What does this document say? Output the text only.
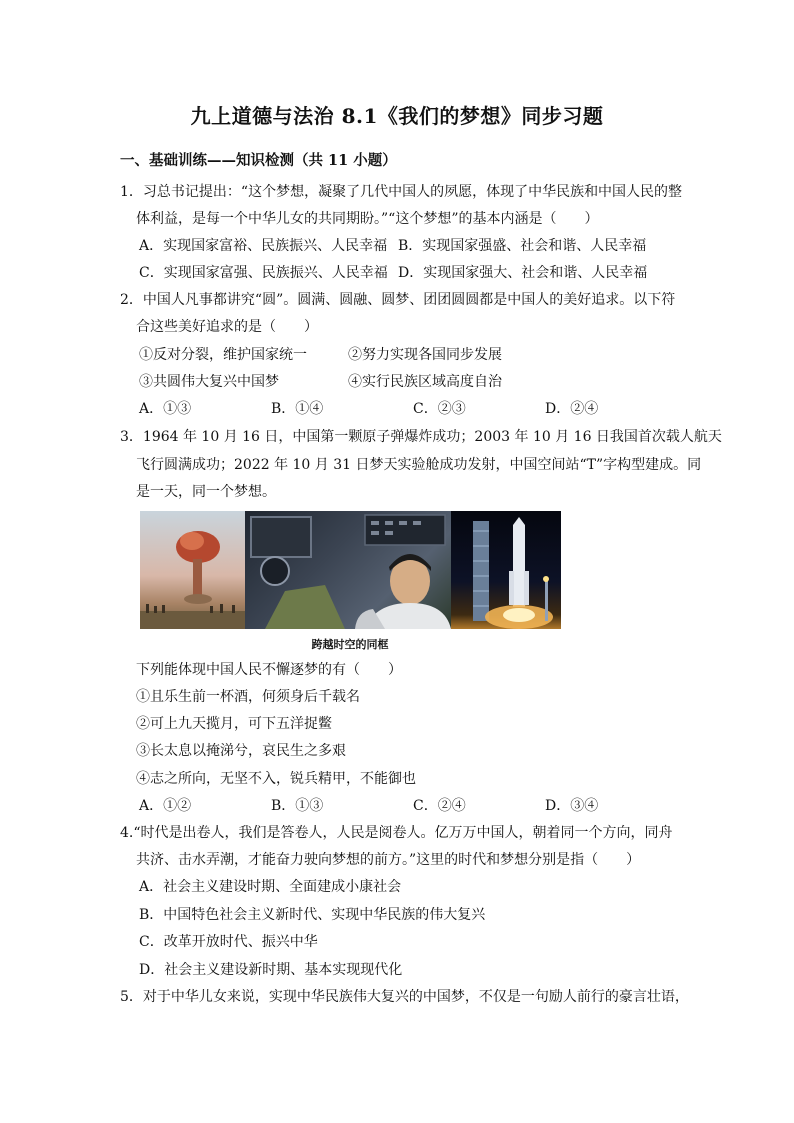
九上道德与法治 8.1《我们的梦想》同步习题
一、基础训练——知识检测（共 11 小题）
1．习总书记提出：“这个梦想，凝聚了几代中国人的夙愿，体现了中华民族和中国人民的整
体利益，是每一个中华儿女的共同期盼。”“这个梦想”的基本内涵是（　　）
A．实现国家富裕、民族振兴、人民幸福 B．实现国家强盛、社会和谐、人民幸福
C．实现国家富强、民族振兴、人民幸福 D．实现国家强大、社会和谐、人民幸福
2．中国人凡事都讲究“圆”。圆满、圆融、圆梦、团团圆圆都是中国人的美好追求。以下符
合这些美好追求的是（　　）
①反对分裂，维护国家统一	②努力实现各国同步发展
③共圆伟大复兴中国梦	④实行民族区域高度自治
A．①③	B．①④	C．②③	D．②④
3．1964 年 10 月 16 日，中国第一颗原子弹爆炸成功；2003 年 10 月 16 日我国首次载人航天
飞行圆满成功；2022 年 10 月 31 日梦天实验舱成功发射，中国空间站“T”字构型建成。同
是一天，同一个梦想。
跨越时空的同框
下列能体现中国人民不懈逐梦的有（　　）
①且乐生前一杯酒，何须身后千载名
②可上九天揽月，可下五洋捉鳖
③长太息以掩涕兮，哀民生之多艰
④志之所向，无坚不入，锐兵精甲，不能御也
A．①②	B．①③	C．②④	D．③④
4.“时代是出卷人，我们是答卷人，人民是阅卷人。亿万万中国人，朝着同一个方向，同舟
共济、击水弄潮，才能奋力驶向梦想的前方。”这里的时代和梦想分别是指（　　）
A．社会主义建设时期、全面建成小康社会
B．中国特色社会主义新时代、实现中华民族的伟大复兴
C．改革开放时代、振兴中华
D．社会主义建设新时期、基本实现现代化
5．对于中华儿女来说，实现中华民族伟大复兴的中国梦，不仅是一句励人前行的豪言壮语，
